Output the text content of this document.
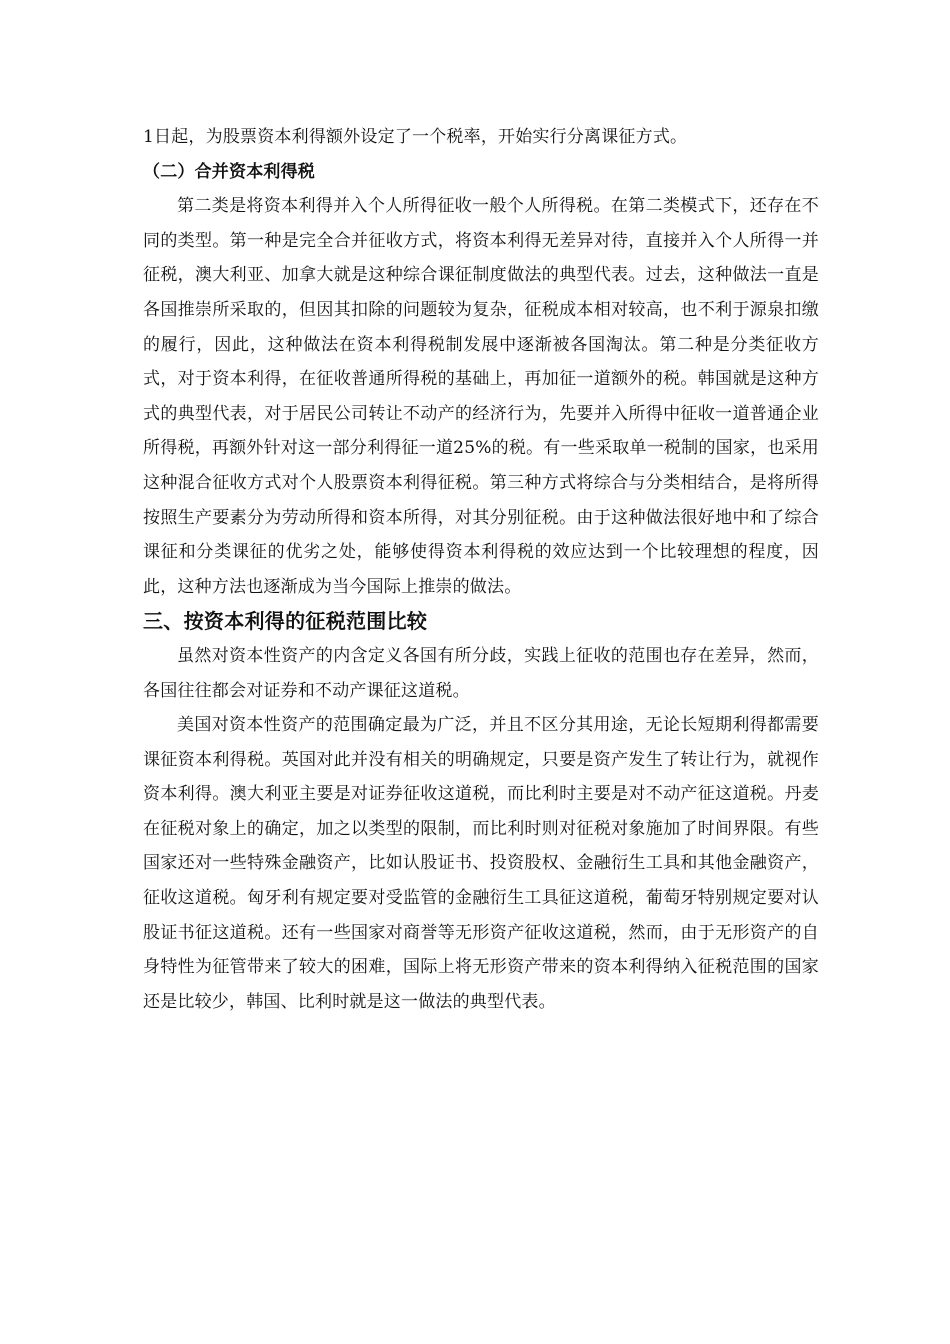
1日起，为股票资本利得额外设定了一个税率，开始实行分离课征方式。

（二）合并资本利得税

第二类是将资本利得并入个人所得征收一般个人所得税。在第二类模式下，还存在不同的类型。第一种是完全合并征收方式，将资本利得无差异对待，直接并入个人所得一并征税，澳大利亚、加拿大就是这种综合课征制度做法的典型代表。过去，这种做法一直是各国推崇所采取的，但因其扣除的问题较为复杂，征税成本相对较高，也不利于源泉扣缴的履行，因此，这种做法在资本利得税制发展中逐渐被各国淘汰。第二种是分类征收方式，对于资本利得，在征收普通所得税的基础上，再加征一道额外的税。韩国就是这种方式的典型代表，对于居民公司转让不动产的经济行为，先要并入所得中征收一道普通企业所得税，再额外针对这一部分利得征一道25%的税。有一些采取单一税制的国家，也采用这种混合征收方式对个人股票资本利得征税。第三种方式将综合与分类相结合，是将所得按照生产要素分为劳动所得和资本所得，对其分别征税。由于这种做法很好地中和了综合课征和分类课征的优劣之处，能够使得资本利得税的效应达到一个比较理想的程度，因此，这种方法也逐渐成为当今国际上推崇的做法。

三、按资本利得的征税范围比较

虽然对资本性资产的内含定义各国有所分歧，实践上征收的范围也存在差异，然而，各国往往都会对证券和不动产课征这道税。

美国对资本性资产的范围确定最为广泛，并且不区分其用途，无论长短期利得都需要课征资本利得税。英国对此并没有相关的明确规定，只要是资产发生了转让行为，就视作资本利得。澳大利亚主要是对证券征收这道税，而比利时主要是对不动产征这道税。丹麦在征税对象上的确定，加之以类型的限制，而比利时则对征税对象施加了时间界限。有些国家还对一些特殊金融资产，比如认股证书、投资股权、金融衍生工具和其他金融资产，征收这道税。匈牙利有规定要对受监管的金融衍生工具征这道税，葡萄牙特别规定要对认股证书征这道税。还有一些国家对商誉等无形资产征收这道税，然而，由于无形资产的自身特性为征管带来了较大的困难，国际上将无形资产带来的资本利得纳入征税范围的国家还是比较少，韩国、比利时就是这一做法的典型代表。
